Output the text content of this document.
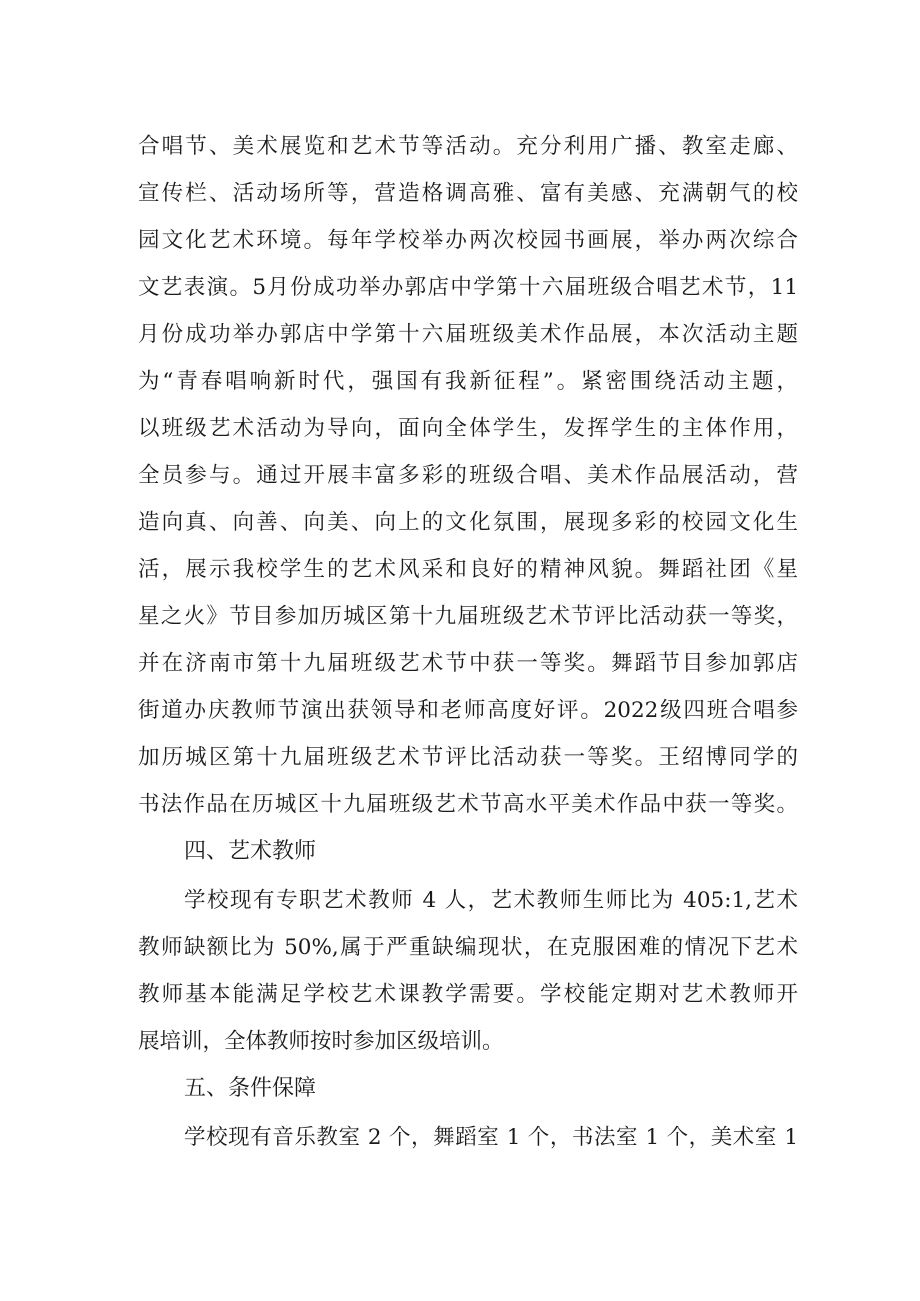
合唱节、美术展览和艺术节等活动。充分利用广播、教室走廊、
宣传栏、活动场所等，营造格调高雅、富有美感、充满朝气的校
园文化艺术环境。每年学校举办两次校园书画展，举办两次综合
文艺表演。5月份成功举办郭店中学第十六届班级合唱艺术节，11
月份成功举办郭店中学第十六届班级美术作品展，本次活动主题
为“青春唱响新时代，强国有我新征程”。紧密围绕活动主题，
以班级艺术活动为导向，面向全体学生，发挥学生的主体作用，
全员参与。通过开展丰富多彩的班级合唱、美术作品展活动，营
造向真、向善、向美、向上的文化氛围，展现多彩的校园文化生
活，展示我校学生的艺术风采和良好的精神风貌。舞蹈社团《星
星之火》节目参加历城区第十九届班级艺术节评比活动获一等奖，
并在济南市第十九届班级艺术节中获一等奖。舞蹈节目参加郭店
街道办庆教师节演出获领导和老师高度好评。2022级四班合唱参
加历城区第十九届班级艺术节评比活动获一等奖。王绍博同学的
书法作品在历城区十九届班级艺术节高水平美术作品中获一等奖。
四、艺术教师
学校现有专职艺术教师 4 人，艺术教师生师比为 405:1,艺术
教师缺额比为 50%,属于严重缺编现状，在克服困难的情况下艺术
教师基本能满足学校艺术课教学需要。学校能定期对艺术教师开
展培训，全体教师按时参加区级培训。
五、条件保障
学校现有音乐教室 2 个，舞蹈室 1 个，书法室 1 个，美术室 1
